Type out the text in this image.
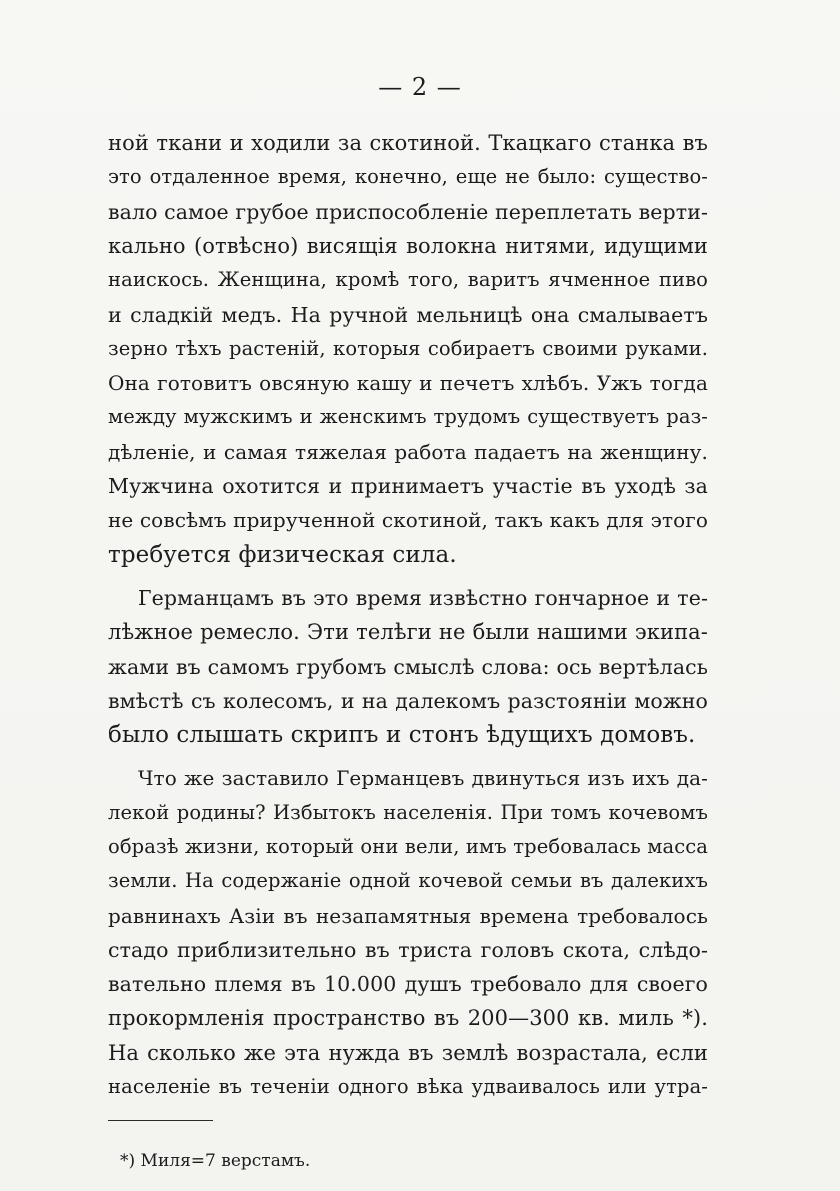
— 2 —
ной ткани и ходили за скотиной. Ткацкаго станка въ
это отдаленное время, конечно, еще не было: существо-
вало самое грубое приспособленіе переплетать верти-
кально (отвѣсно) висящія волокна нитями, идущими
наискось. Женщина, кромѣ того, варитъ ячменное пиво
и сладкій медъ. На ручной мельницѣ она смалываетъ
зерно тѣхъ растеній, которыя собираетъ своими руками.
Она готовитъ овсяную кашу и печетъ хлѣбъ. Ужъ тогда
между мужскимъ и женскимъ трудомъ существуетъ раз-
дѣленіе, и самая тяжелая работа падаетъ на женщину.
Мужчина охотится и принимаетъ участіе въ уходѣ за
не совсѣмъ прирученной скотиной, такъ какъ для этого
требуется физическая сила.
Германцамъ въ это время извѣстно гончарное и те-
лѣжное ремесло. Эти телѣги не были нашими экипа-
жами въ самомъ грубомъ смыслѣ слова: ось вертѣлась
вмѣстѣ съ колесомъ, и на далекомъ разстояніи можно
было слышать скрипъ и стонъ ѣдущихъ домовъ.
Что же заставило Германцевъ двинуться изъ ихъ да-
лекой родины? Избытокъ населенія. При томъ кочевомъ
образѣ жизни, который они вели, имъ требовалась масса
земли. На содержаніе одной кочевой семьи въ далекихъ
равнинахъ Азіи въ незапамятныя времена требовалось
стадо приблизительно въ триста головъ скота, слѣдо-
вательно племя въ 10.000 душъ требовало для своего
прокормленія пространство въ 200—300 кв. миль *).
На сколько же эта нужда въ землѣ возрастала, если
населеніе въ теченіи одного вѣка удваивалось или утра-
*) Миля=7 верстамъ.
